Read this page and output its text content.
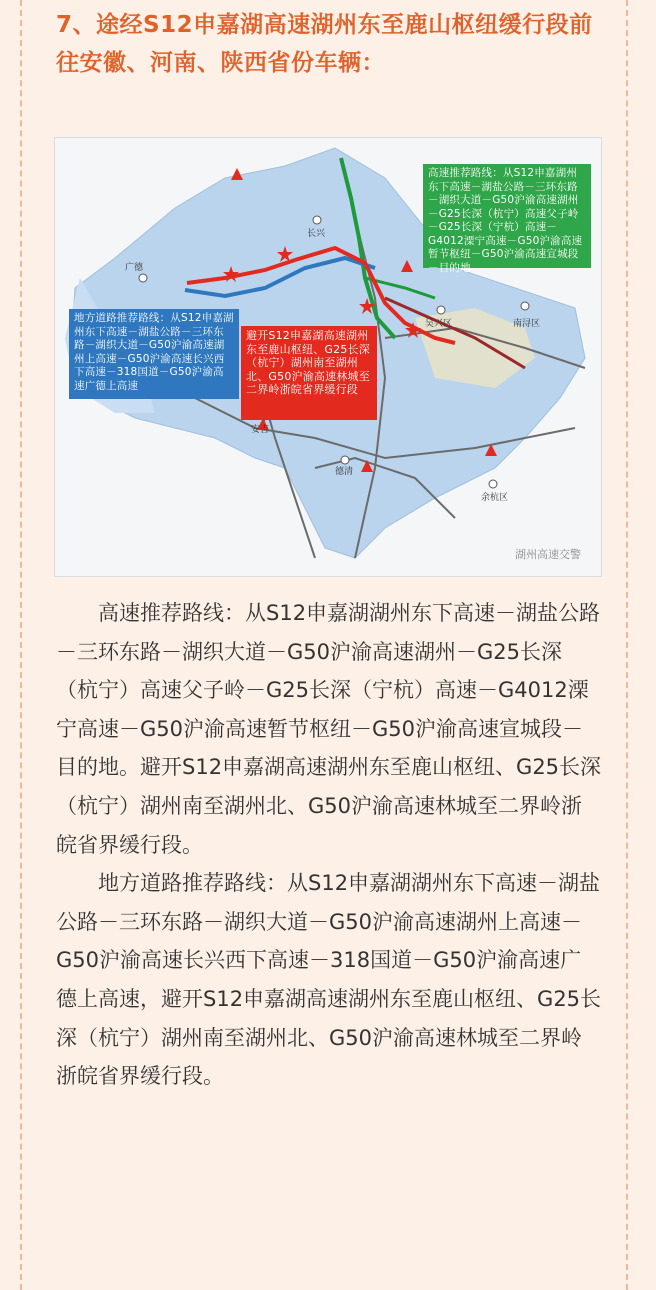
7、途经S12申嘉湖高速湖州东至鹿山枢纽缓行段前往安徽、河南、陕西省份车辆：
长兴
广德
吴兴区	南浔区
安吉
德清
余杭区
高速推荐路线：从S12申嘉湖州东下高速－湖盐公路－三环东路－湖织大道－G50沪渝高速湖州－G25长深（杭宁）高速父子岭－G25长深（宁杭）高速－G4012溧宁高速－G50沪渝高速暂节枢纽－G50沪渝高速宣城段－目的地
地方道路推荐路线：从S12申嘉湖州东下高速－湖盐公路－三环东路－湖织大道－G50沪渝高速湖州上高速－G50沪渝高速长兴西下高速－318国道－G50沪渝高速广德上高速
避开S12申嘉湖高速湖州东至鹿山枢纽、G25长深（杭宁）湖州南至湖州北、G50沪渝高速林城至二界岭浙皖省界缓行段
湖州高速交警

　　高速推荐路线：从S12申嘉湖湖州东下高速－湖盐公路－三环东路－湖织大道－G50沪渝高速湖州－G25长深（杭宁）高速父子岭－G25长深（宁杭）高速－G4012溧宁高速－G50沪渝高速暂节枢纽－G50沪渝高速宣城段－目的地。避开S12申嘉湖高速湖州东至鹿山枢纽、G25长深（杭宁）湖州南至湖州北、G50沪渝高速林城至二界岭浙皖省界缓行段。

　　地方道路推荐路线：从S12申嘉湖湖州东下高速－湖盐公路－三环东路－湖织大道－G50沪渝高速湖州上高速－G50沪渝高速长兴西下高速－318国道－G50沪渝高速广德上高速，避开S12申嘉湖高速湖州东至鹿山枢纽、G25长深（杭宁）湖州南至湖州北、G50沪渝高速林城至二界岭浙皖省界缓行段。
